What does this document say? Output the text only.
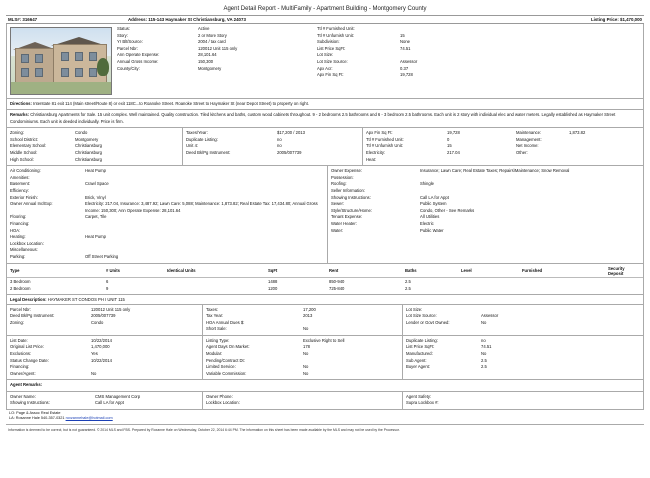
Agent Detail Report - MultiFamily - Apartment Building - Montgomery County
MLS#: 316647	Address: 115-143 Haymaker St Christiansburg, VA 24073	Listing Price: $1,470,000
Status:	Active
Story:	2 or More Story
Yr Blt/Source:	2004 / tax card
Parcel Nbr:	120012 Unit 115 only
Ann Operate Expense:	28,101.64
Annual Gross Income:	150,300
County/City:	Montgomery
Ttl # Furnished Unit:
Ttl # Unfurnish Unit:	15
Subdivision:	None
List Price SqFt:	74.51
Lot Size:
Lot Size Source:	Assessor
Apx Acr:	0.37
Apx Fin Sq Ft:	19,728
Directions: Interstate 81 exit 114 (Main street/Route 8) or exit 118C...to Roanoke Street. Roanoke Street to Haymaker St (near Depot Street) to property on right.
Remarks: Christiansburg Apartments for Sale. 15 unit complex. Well maintained. Quality construction. Tiled kitchens and baths, custom wood cabinets throughout. 9 - 2 bedrooms 2.5 bathrooms and 6 - 3 bedroom 2.5 bathrooms. Each unit is 2 story with individual elec and water meters. Legally established as Haymaker Street Condominiums. Each unit is deeded individually. Price is firm.
Zoning:	Condo
School District:	Montgomery
Elementary School:	Christiansburg
Middle School:	Christiansburg
High School:	Christiansburg
Taxes/Year:	$17,200 / 2013
Duplicate Listing:	no
Unit 4:	no
Deed Bk/Pg Instrument:	2005/007739
Apx Fin Sq Ft:	19,728
Ttl # Furnished Unit:	0
Ttl # Unfurnish Unit:	15
Electricity:	217.04
Heat:
Maintenance:	1,873.82
Management:
Net Income:
Other:
Air Conditioning:	Heat Pump
Amenities:
Basement:	Crawl Space
Efficiency:
Exterior Finish:	Brick, Vinyl
Owner Annual Inc/Exp:	Electricity: 217.04, Insurance: 3,487.92; Lawn Care: 5,088; Maintenance: 1,873.82; Real Estate Tax: 17,434.80; Annual Gross Income: 150,300; Ann Operate Expense: 28,101.64
Flooring:	Carpet, Tile
Financing:
HOA:
Heating:	Heat Pump
Lockbox Location:
Miscellaneous:
Parking:	Off Street Parking
Owner Expense:	Insurance; Lawn Care; Real Estate Taxes; Repairs\Maintenance; Snow Removal
Possession:
Roofing:	Shingle
Seller Information:
Showing Instructions:	Call LA for Appt
Sewer:	Public System
Style/Structure/Home:	Condo, Other - See Remarks
Tenant Expense:	All Utilities
Water Heater:	Electric
Water:	Public Water
Type	# Units	Identical Units	SqFt	Rent	Baths	Level	Furnished	Security Deposit
3 Bedroom	6		1488	850-940	2.5			
2 Bedroom	9		1200	725-840	2.5			
Legal Description: HAYMAKER ST CONDOS PH I UNIT 115
Parcel Nbr:	120012 Unit 115 only
Deed Bk/Pg Instrument:	2005/007739
Zoning:	Condo
Taxes:	17,200
Tax Year:	2013
HOA Annual Dues $:
Short Sale:	No
Lot Size:
Lot Size Source:	Assessor
Lender or Govt Owned:	No
List Date:	10/22/2014
Original List Price:	1,470,000
Exclusions:	Yes
Status Change Date:	10/22/2014
Financing:
Owner/Agent:	No
Listing Type:	Exclusive Right to Sell
Agent Days On Market:	178
Modular:	No
Pending/Contract Dt:
Limited Service:	No
Variable Commission:	No
Duplicate Listing:	no
List Price SqFt:	74.51
Manufactured:	No
Sub Agent:	2.5
Buyer Agent:	2.5
Agent Remarks:
Owner Name:	CMS Management Corp
Showing Instructions:	Call LA for Appt
Owner Phone:
Lockbox Location:
Agent Safety:
Supra Lockbox #:
LO: Page & Assoc Real Estate
LA: Rosanne Hale 540-357-0321 roxzannehale@hotmail.com
Information is deemed to be correct, but is not guaranteed. © 2014 MLS and FBS. Prepared by Roxanne Hale on Wednesday, October 22, 2014 6:44 PM. The information on this sheet has been made available by the MLS and may not be used by the Processor.
